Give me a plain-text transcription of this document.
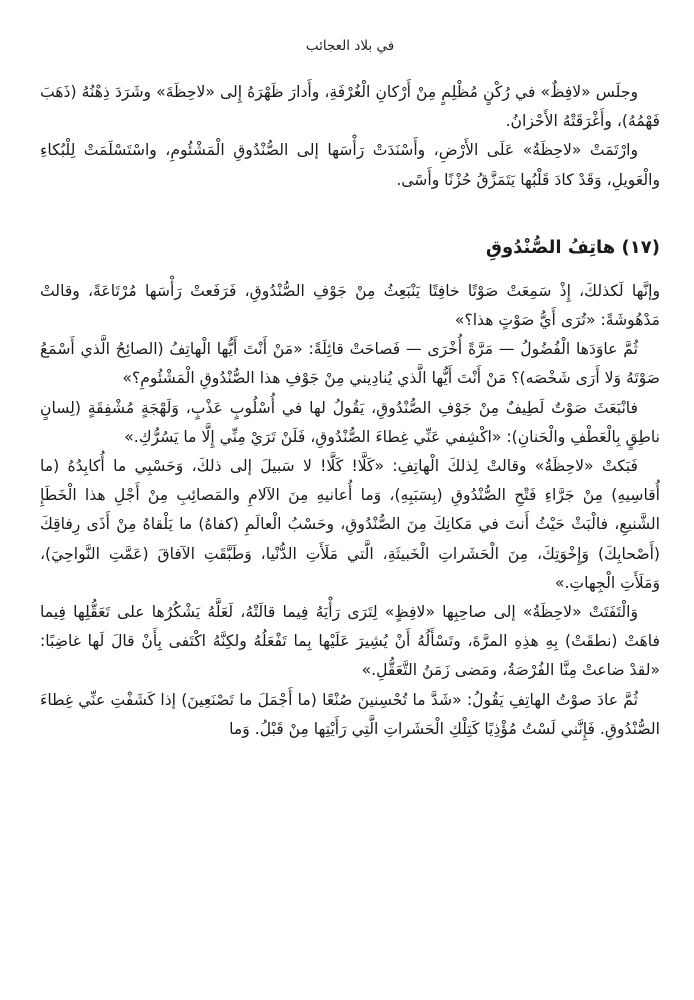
في بلاد العجائب

وجلَس «لافِظٌ» في رُكْنٍ مُظْلِمٍ مِنْ أَرْكانِ الْغُرْفَةِ، وأَدارَ ظَهْرَهُ إِلى «لاحِظَةَ» وشَرَدَ ذِهْنُهُ (ذَهَبَ فَهْمُهُ)، وأَغْرَقَتْهُ الأَحْزانُ.

وارْتَمَتْ «لاحِظَةُ» عَلَى الأَرْضِ، وأَسْنَدَتْ رَأْسَها إلى الصُّنْدُوقِ الْمَشْئُومِ، واسْتَسْلَمَتْ لِلْبُكاءِ والْعَويلِ، وَقَدْ كادَ قَلْبُها يَتَمَزَّقُ حُزْنًا وأَسًى.

(١٧) هاتِفُ الصُّنْدُوقِ

وإنَّها لَكذلكَ، إِذْ سَمِعَتْ صَوْتًا خافِتًا يَنْبَعِثُ مِنْ جَوْفِ الصُّنْدُوقِ، فَرَفَعتْ رَأْسَها مُرْتَاعَةً، وقالتْ مَدْهُوشَةً: «تُرَى أَيُّ صَوْتٍ هذا؟»

ثُمَّ عاوَدَها الْفُضُولُ — مَرَّةً أُخْرَى — فَصاحَتْ قائِلَةً: «مَنْ أَنْتَ أَيُّها الْهاتِفُ (الصائِحُ الَّذي أَسْمَعُ صَوْتَهُ وَلا أَرَى شَخْصَه)؟ مَنْ أَنْتَ أَيُّها الَّذي يُنادِيني مِنْ جَوْفِ هذا الصُّنْدُوقِ الْمَشْئُومِ؟»

فانْبَعَثَ صَوْتٌ لَطِيفٌ مِنْ جَوْفِ الصُّنْدُوقِ، يَقُولُ لها في أُسْلُوبٍ عَذْبٍ، وَلَهْجَةٍ مُشْفِقَةٍ (لِسانٍ ناطِقٍ بِالْعَطْفِ والْحَنانِ): «اكْشِفي عَنِّي غِطاءَ الصُّنْدُوقِ، فَلَنْ تَرَيْ مِنِّي إِلَّا ما يَسُرُّكِ.»

فَبَكتْ «لاحِظَةُ» وقالتْ لِذلكَ الْهاتِفِ: «كَلَّا! كَلَّا! لا سَبيلَ إلى ذلكَ، وَحَسْبِي ما أُكابِدُهُ (ما أُقاسِيهِ) مِنْ جَرَّاءِ فَتْحِ الصُّنْدُوقِ (بِسَبَبِهِ)، وَما أُعانيهِ مِنَ الآلامِ والمَصائِبِ مِنْ أَجْلِ هذا الْخَطَإِ الشَّنيعِ، فالْبَثْ حَيْثُ أَنتَ في مَكانِكَ مِنَ الصُّنْدُوقِ، وحَسْبُ الْعالَمِ (كفاهُ) ما يَلْقاهُ مِنْ أَذَى رِفاقِكَ (أَصْحابِكَ) وَإِخْوَتِكَ، مِنَ الْحَشَراتِ الْخَبيثَةِ، الَّتي مَلَأَتِ الدُّنْيا، وَطَبَّقَتِ الآفاقَ (عَمَّتِ النَّواحِيَ)، وَمَلَأَتِ الْجِهاتِ.»

وَالْتَفَتَتْ «لاحِظَةُ» إلى صاحِبِها «لافِظٍ» لِتَرَى رَأْيَهُ فِيما قالَتْهُ، لَعَلَّهُ يَشْكُرُها على تَعَقُّلِها فِيما فاهَتْ (نطقَتْ) بِهِ هذِهِ المرَّةَ، وتَسْأَلُهُ أَنْ يُشِيرَ عَلَيْها بِما تَفْعَلُهُ ولكِنَّهُ اكْتَفى بِأَنْ قالَ لَها غاضِبًا: «لقدْ ضاعتْ مِنَّا الفُرْصَةُ، ومَضى زَمَنُ التَّعَقُّلِ.»

ثُمَّ عادَ صوْتُ الهاتِفِ يَقُولُ: «شَدَّ ما تُحْسِنينَ صُنْعًا (ما أَجْمَلَ ما تَصْنَعِينَ) إذا كَشَفْتِ عنِّي غِطاءَ الصُّنْدُوقِ. فَإِنَّني لَسْتُ مُؤْذِيًا كَتِلْكِ الْحَشَراتِ الَّتِي رَأَيْتِها مِنْ قَبْلُ. وَما
